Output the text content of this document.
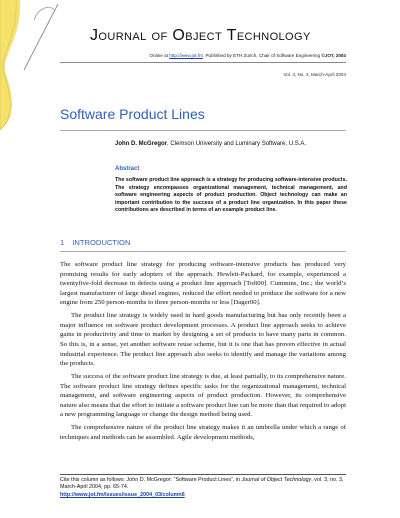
Journal of Object Technology
Online at http://www.jot.fm. Published by ETH Zurich, Chair of Software Engineering ©JOT, 2004
Vol. 3, No. 3, March-April 2004
Software Product Lines
John D. McGregor, Clemson University and Luminary Software, U.S.A.
Abstract
The software product line approach is a strategy for producing software-intensive products. The strategy encompasses organizational management, technical management, and software engineering aspects of product production. Object technology can make an important contribution to the success of a product line organization. In this paper these contributions are described in terms of an example product line.
1 INTRODUCTION

The software product line strategy for producing software-intensive products has produced very promising results for early adopters of the approach. Hewlett-Packard, for example, experienced a twentyfive-fold decrease in defects using a product line approach [Toft00]. Cummins, Inc.; the world’s largest manufacturer of large diesel engines, reduced the effort needed to produce the software for a new engine from 250 person-months to three person-months or less [Dager00].

The product line strategy is widely used in hard goods manufacturing but has only recently been a major influence on software product development processes. A product line approach seeks to achieve gains in productivity and time to market by designing a set of products to have many parts in common. So this is, in a sense, yet another software reuse scheme, but it is one that has proven effective in actual industrial experience. The product line approach also seeks to identify and manage the variations among the products.

The success of the software product line strategy is due, at least partially, to its comprehensive nature. The software product line strategy defines specific tasks for the organizational management, technical management, and software engineering aspects of product production. However, its comprehensive nature also means that the effort to initiate a software product line can be more than that required to adopt a new programming language or change the design method being used.

The comprehensive nature of the product line strategy makes it an umbrella under which a range of techniques and methods can be assembled. Agile development methods,

Cite this column as follows: John D. McGregor: “Software Product Lines”, in Journal of Object Technology, vol. 3, no. 3, March-April 2004, pp. 65-74.
http://www.jot.fm/issues/issue_2004_03/column6
